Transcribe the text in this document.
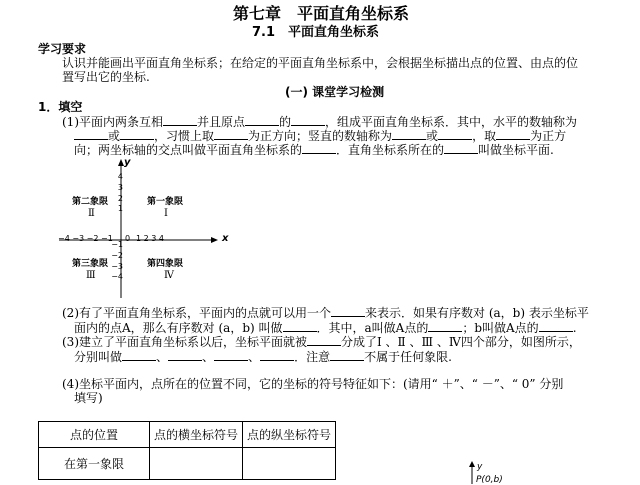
第七章　平面直角坐标系
7.1　平面直角坐标系
学习要求
认识并能画出平面直角坐标系；在给定的平面直角坐标系中，会根据坐标描出点的位置、由点的位
置写出它的坐标.
(一) 课堂学习检测
1．填空
(1)平面内两条互相	并且原点	的	，组成平面直角坐标系．其中，水平的数轴称为
或	，习惯上取	为正方向；竖直的数轴称为	或	，取	为正方
向；两坐标轴的交点叫做平面直角坐标系的	．直角坐标系所在的	叫做坐标平面.
x
y
−4 −3 −2 −1 0 1 2 3 4
4
3
2
1
−1
−2
−3
−4
第二象限
Ⅱ
第一象限
Ⅰ
第三象限
Ⅲ
第四象限
Ⅳ
(2)有了平面直角坐标系，平面内的点就可以用一个	来表示．如果有序数对 (a，b) 表示坐标平
面内的点A，那么有序数对 (a，b) 叫做	．其中，a叫做A点的	；b叫做A点的	.
(3)建立了平面直角坐标系以后，坐标平面就被	分成了Ⅰ 、Ⅱ 、Ⅲ 、Ⅳ四个部分，如图所示，
分别叫做	、	、	、	．注意	不属于任何象限.
(4)坐标平面内，点所在的位置不同，它的坐标的符号特征如下：(请用“ ＋”、“ －”、“ 0” 分别
填写)
点的位置	点的横坐标符号	点的纵坐标符号
在第一象限			y
P(0,b)
